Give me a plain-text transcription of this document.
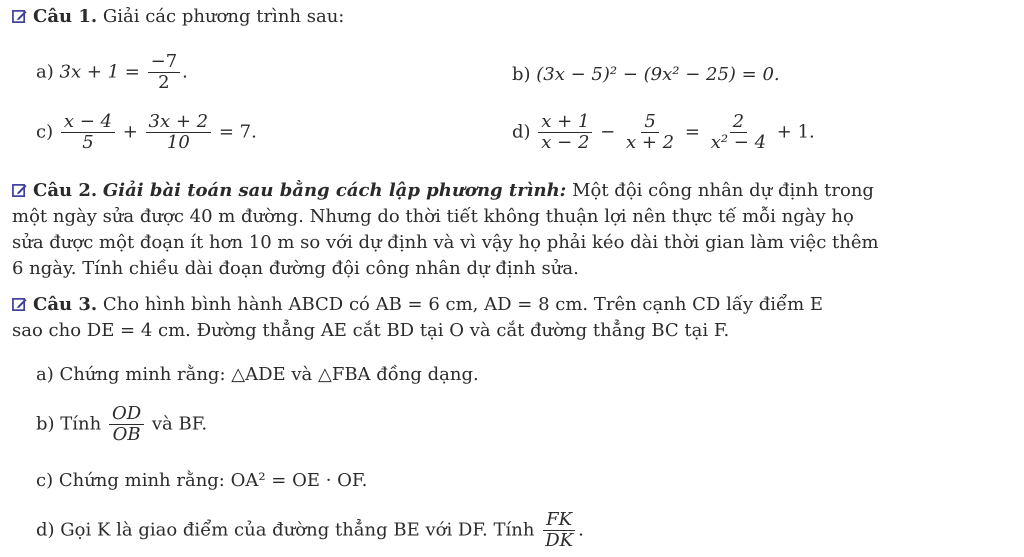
Câu 1. Giải các phương trình sau:
a) $3x + 1 = \frac{-7}{2}$ .	b) (3x − 5)² − (9x² − 25) = 0.
$c) \frac{x - 4}{5} + \frac{3x + 2}{10} = 7$.	$d) \frac{x + 1}{x - 2} - \frac{5}{x + 2} = \frac{2}{\text{x² − 4}} + 1$.
Câu 2. Giải bài toán sau bằng cách lập phương trình: Một đội công nhân dự định trong
một ngày sửa được 40 m đường. Nhưng do thời tiết không thuận lợi nên thực tế mỗi ngày họ
sửa được một đoạn ít hơn 10 m so với dự định và vì vậy họ phải kéo dài thời gian làm việc thêm
6 ngày. Tính chiều dài đoạn đường đội công nhân dự định sửa.
Câu 3. Cho hình bình hành ABCD có AB = 6 cm, AD = 8 cm. Trên cạnh CD lấy điểm E
sao cho DE = 4 cm. Đường thẳng AE cắt BD tại O và cắt đường thẳng BC tại F.
a) Chứng minh rằng: △ADE và △FBA đồng dạng.
b) Tính $\frac{OD}{OB}$ và BF.
c) Chứng minh rằng: OA² = OE · OF.
d) Gọi K là giao điểm của đường thẳng BE với DF. Tính $\frac{FK}{DK}$ .
